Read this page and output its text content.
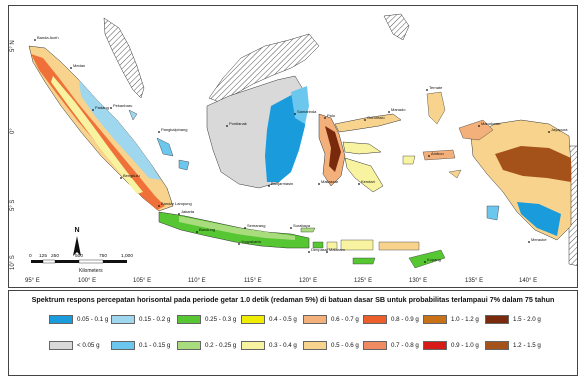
Banda Aceh
Medan
Padang Pekanbaru
Bengkulu
Pangkalpinang
Bandar Lampung
Jakarta
Pontianak
Samarinda
Banjarmasin
Palu
Makassar	Kendari
Manado
Gorontalo
Ternate
Ambon
Manokwari
Jayapura
Merauke
Kupang
Mataram
Denpasar
Surabaya
Semarang
Yogyakarta
Bandung
N
5° N
0°
5° S
10° S
95° E	100° E	105° E	110° E	115° E	120° E	125° E	130° E	135° E	140° E
0 125 250	500	750	1,000
Kilometers
Spektrum respons percepatan horisontal pada periode getar 1.0 detik (redaman 5%) di batuan dasar SB untuk probabilitas terlampaui 7% dalam 75 tahun
0.05 - 0.1 g	0.15 - 0.2 g	0.25 - 0.3 g	0.4 - 0.5 g	0.6 - 0.7 g	0.8 - 0.9 g	1.0 - 1.2 g	1.5 - 2.0 g
< 0.05 g	0.1 - 0.15 g	0.2 - 0.25 g	0.3 - 0.4 g	0.5 - 0.6 g	0.7 - 0.8 g	0.9 - 1.0 g	1.2 - 1.5 g
